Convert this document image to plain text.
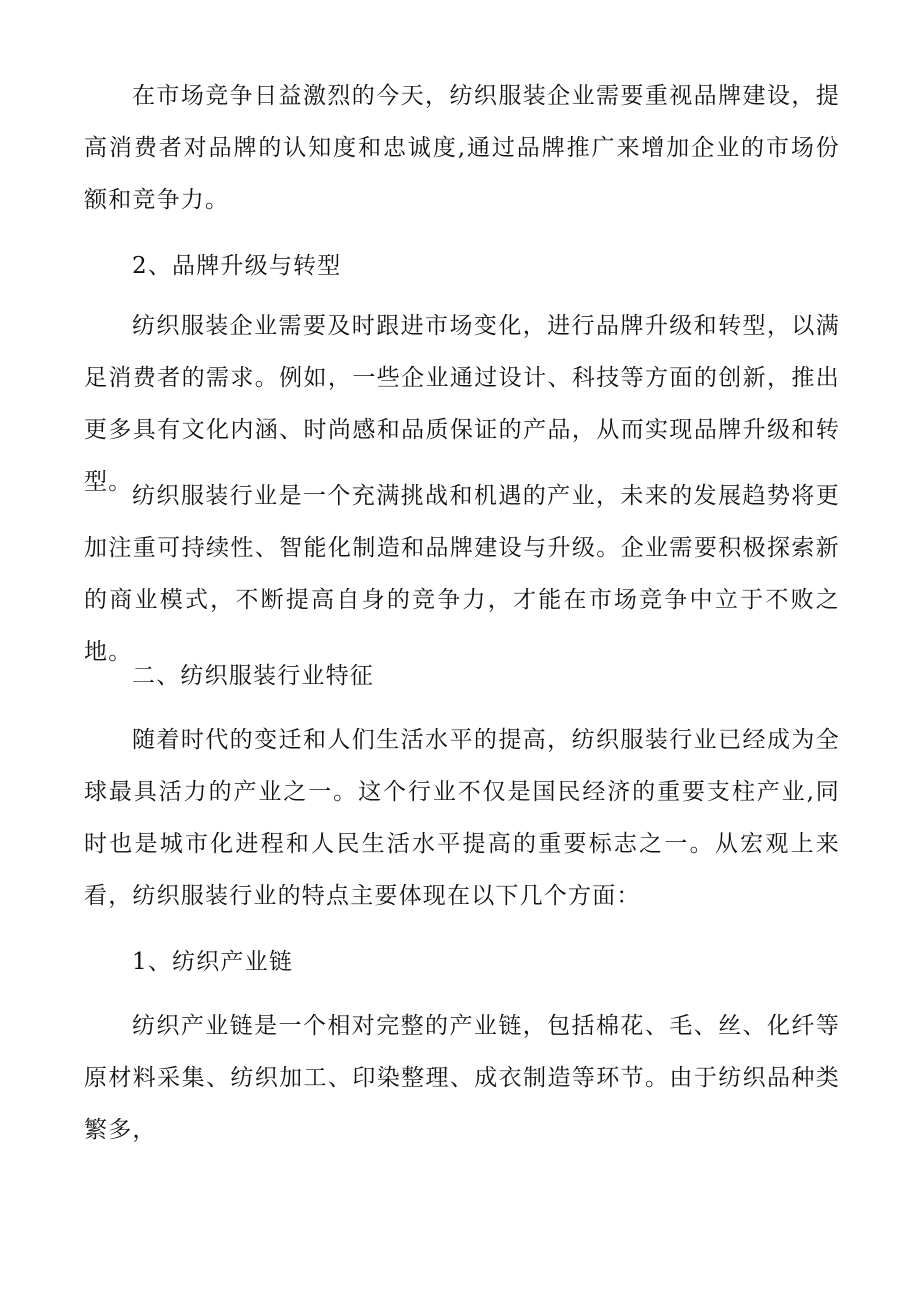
在市场竞争日益激烈的今天，纺织服装企业需要重视品牌建设，提高消费者对品牌的认知度和忠诚度,通过品牌推广来增加企业的市场份额和竞争力。

2、品牌升级与转型

纺织服装企业需要及时跟进市场变化，进行品牌升级和转型，以满足消费者的需求。例如，一些企业通过设计、科技等方面的创新，推出更多具有文化内涵、时尚感和品质保证的产品，从而实现品牌升级和转型。

纺织服装行业是一个充满挑战和机遇的产业，未来的发展趋势将更加注重可持续性、智能化制造和品牌建设与升级。企业需要积极探索新的商业模式，不断提高自身的竞争力，才能在市场竞争中立于不败之地。

二、纺织服装行业特征

随着时代的变迁和人们生活水平的提高，纺织服装行业已经成为全球最具活力的产业之一。这个行业不仅是国民经济的重要支柱产业,同时也是城市化进程和人民生活水平提高的重要标志之一。从宏观上来看，纺织服装行业的特点主要体现在以下几个方面：

1、纺织产业链

纺织产业链是一个相对完整的产业链，包括棉花、毛、丝、化纤等原材料采集、纺织加工、印染整理、成衣制造等环节。由于纺织品种类繁多，
